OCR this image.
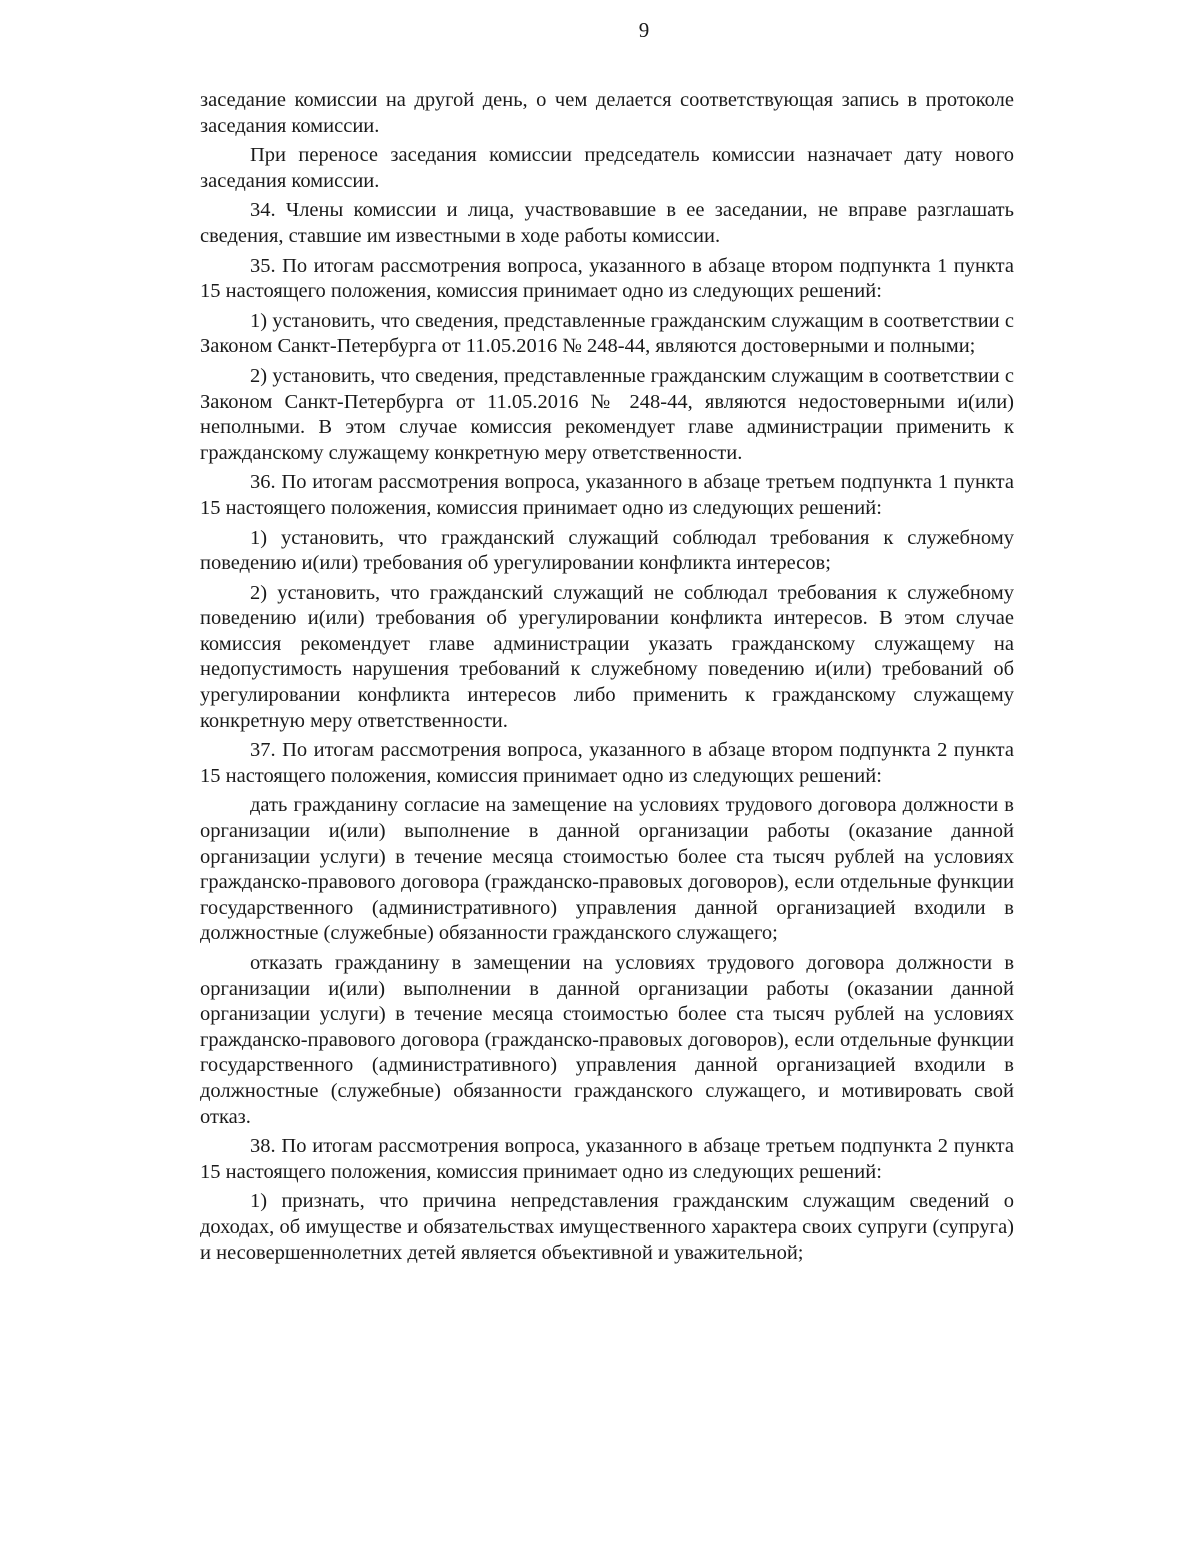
9

заседание комиссии на другой день, о чем делается соответствующая запись в протоколе заседания комиссии.

При переносе заседания комиссии председатель комиссии назначает дату нового заседания комиссии.

34. Члены комиссии и лица, участвовавшие в ее заседании, не вправе разглашать сведения, ставшие им известными в ходе работы комиссии.

35. По итогам рассмотрения вопроса, указанного в абзаце втором подпункта 1 пункта 15 настоящего положения, комиссия принимает одно из следующих решений:

1) установить, что сведения, представленные гражданским служащим в соответствии с Законом Санкт-Петербурга от 11.05.2016 № 248-44, являются достоверными и полными;

2) установить, что сведения, представленные гражданским служащим в соответствии с Законом Санкт-Петербурга от 11.05.2016 № 248-44, являются недостоверными и(или) неполными. В этом случае комиссия рекомендует главе администрации применить к гражданскому служащему конкретную меру ответственности.

36. По итогам рассмотрения вопроса, указанного в абзаце третьем подпункта 1 пункта 15 настоящего положения, комиссия принимает одно из следующих решений:

1) установить, что гражданский служащий соблюдал требования к служебному поведению и(или) требования об урегулировании конфликта интересов;

2) установить, что гражданский служащий не соблюдал требования к служебному поведению и(или) требования об урегулировании конфликта интересов. В этом случае комиссия рекомендует главе администрации указать гражданскому служащему на недопустимость нарушения требований к служебному поведению и(или) требований об урегулировании конфликта интересов либо применить к гражданскому служащему конкретную меру ответственности.

37. По итогам рассмотрения вопроса, указанного в абзаце втором подпункта 2 пункта 15 настоящего положения, комиссия принимает одно из следующих решений:

дать гражданину согласие на замещение на условиях трудового договора должности в организации и(или) выполнение в данной организации работы (оказание данной организации услуги) в течение месяца стоимостью более ста тысяч рублей на условиях гражданско-правового договора (гражданско-правовых договоров), если отдельные функции государственного (административного) управления данной организацией входили в должностные (служебные) обязанности гражданского служащего;

отказать гражданину в замещении на условиях трудового договора должности в организации и(или) выполнении в данной организации работы (оказании данной организации услуги) в течение месяца стоимостью более ста тысяч рублей на условиях гражданско-правового договора (гражданско-правовых договоров), если отдельные функции государственного (административного) управления данной организацией входили в должностные (служебные) обязанности гражданского служащего, и мотивировать свой отказ.

38. По итогам рассмотрения вопроса, указанного в абзаце третьем подпункта 2 пункта 15 настоящего положения, комиссия принимает одно из следующих решений:

1) признать, что причина непредставления гражданским служащим сведений о доходах, об имуществе и обязательствах имущественного характера своих супруги (супруга) и несовершеннолетних детей является объективной и уважительной;
